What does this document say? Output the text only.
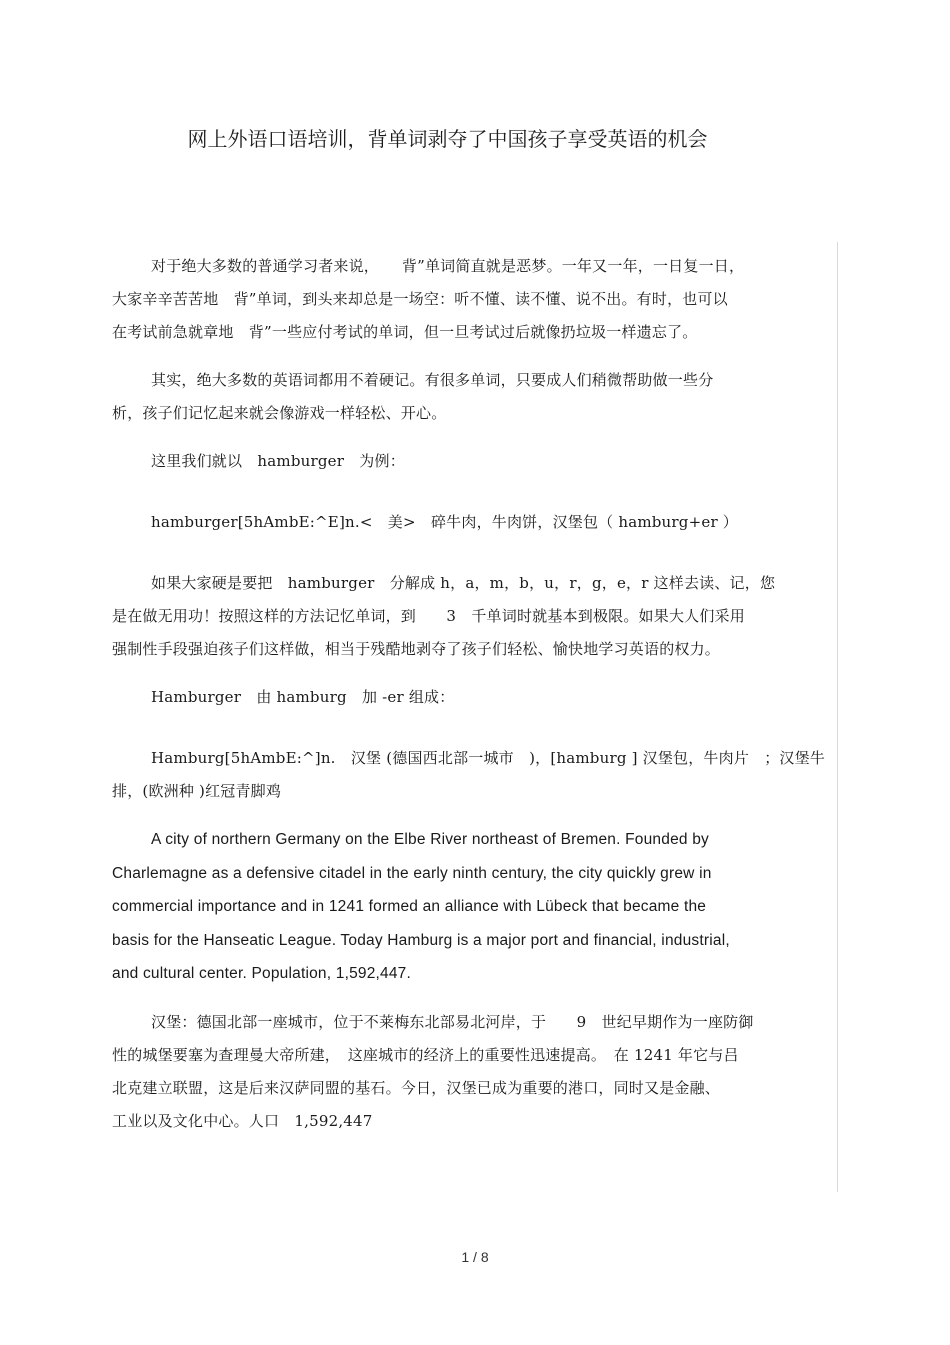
网上外语口语培训，背单词剥夺了中国孩子享受英语的机会

对于绝大多数的普通学习者来说，　　背”单词简直就是恶梦。一年又一年，一日复一日，
大家辛辛苦苦地　背”单词，到头来却总是一场空：听不懂、读不懂、说不出。有时，也可以
在考试前急就章地　背”一些应付考试的单词，但一旦考试过后就像扔垃圾一样遗忘了。

其实，绝大多数的英语词都用不着硬记。有很多单词，只要成人们稍微帮助做一些分
析，孩子们记忆起来就会像游戏一样轻松、开心。

这里我们就以　hamburger　为例：

hamburger[5hAmbE:^E]n.<　美>　碎牛肉，牛肉饼，汉堡包（ hamburg+er ）

如果大家硬是要把　hamburger　分解成 h，a，m，b，u，r，g，e，r 这样去读、记，您
是在做无用功！按照这样的方法记忆单词，到　　3　千单词时就基本到极限。如果大人们采用
强制性手段强迫孩子们这样做，相当于残酷地剥夺了孩子们轻松、愉快地学习英语的权力。

Hamburger　由 hamburg　加 -er 组成：

Hamburg[5hAmbE:^]n.　汉堡 (德国西北部一城市　)，[hamburg ] 汉堡包，牛肉片　；汉堡牛
排，(欧洲种 )红冠青脚鸡

A city of northern Germany on the Elbe River northeast of Bremen. Founded by
Charlemagne as a defensive citadel in the early ninth century, the city quickly grew in
commercial importance and in 1241 formed an alliance with Lübeck that became the
basis for the Hanseatic League. Today Hamburg is a major port and financial, industrial,
and cultural center. Population, 1,592,447.

汉堡：德国北部一座城市，位于不莱梅东北部易北河岸，于　　9　世纪早期作为一座防御
性的城堡要塞为查理曼大帝所建，　这座城市的经济上的重要性迅速提高。　在 1241 年它与吕
北克建立联盟，这是后来汉萨同盟的基石。今日，汉堡已成为重要的港口，同时又是金融、
工业以及文化中心。人口　1,592,447

1 / 8
